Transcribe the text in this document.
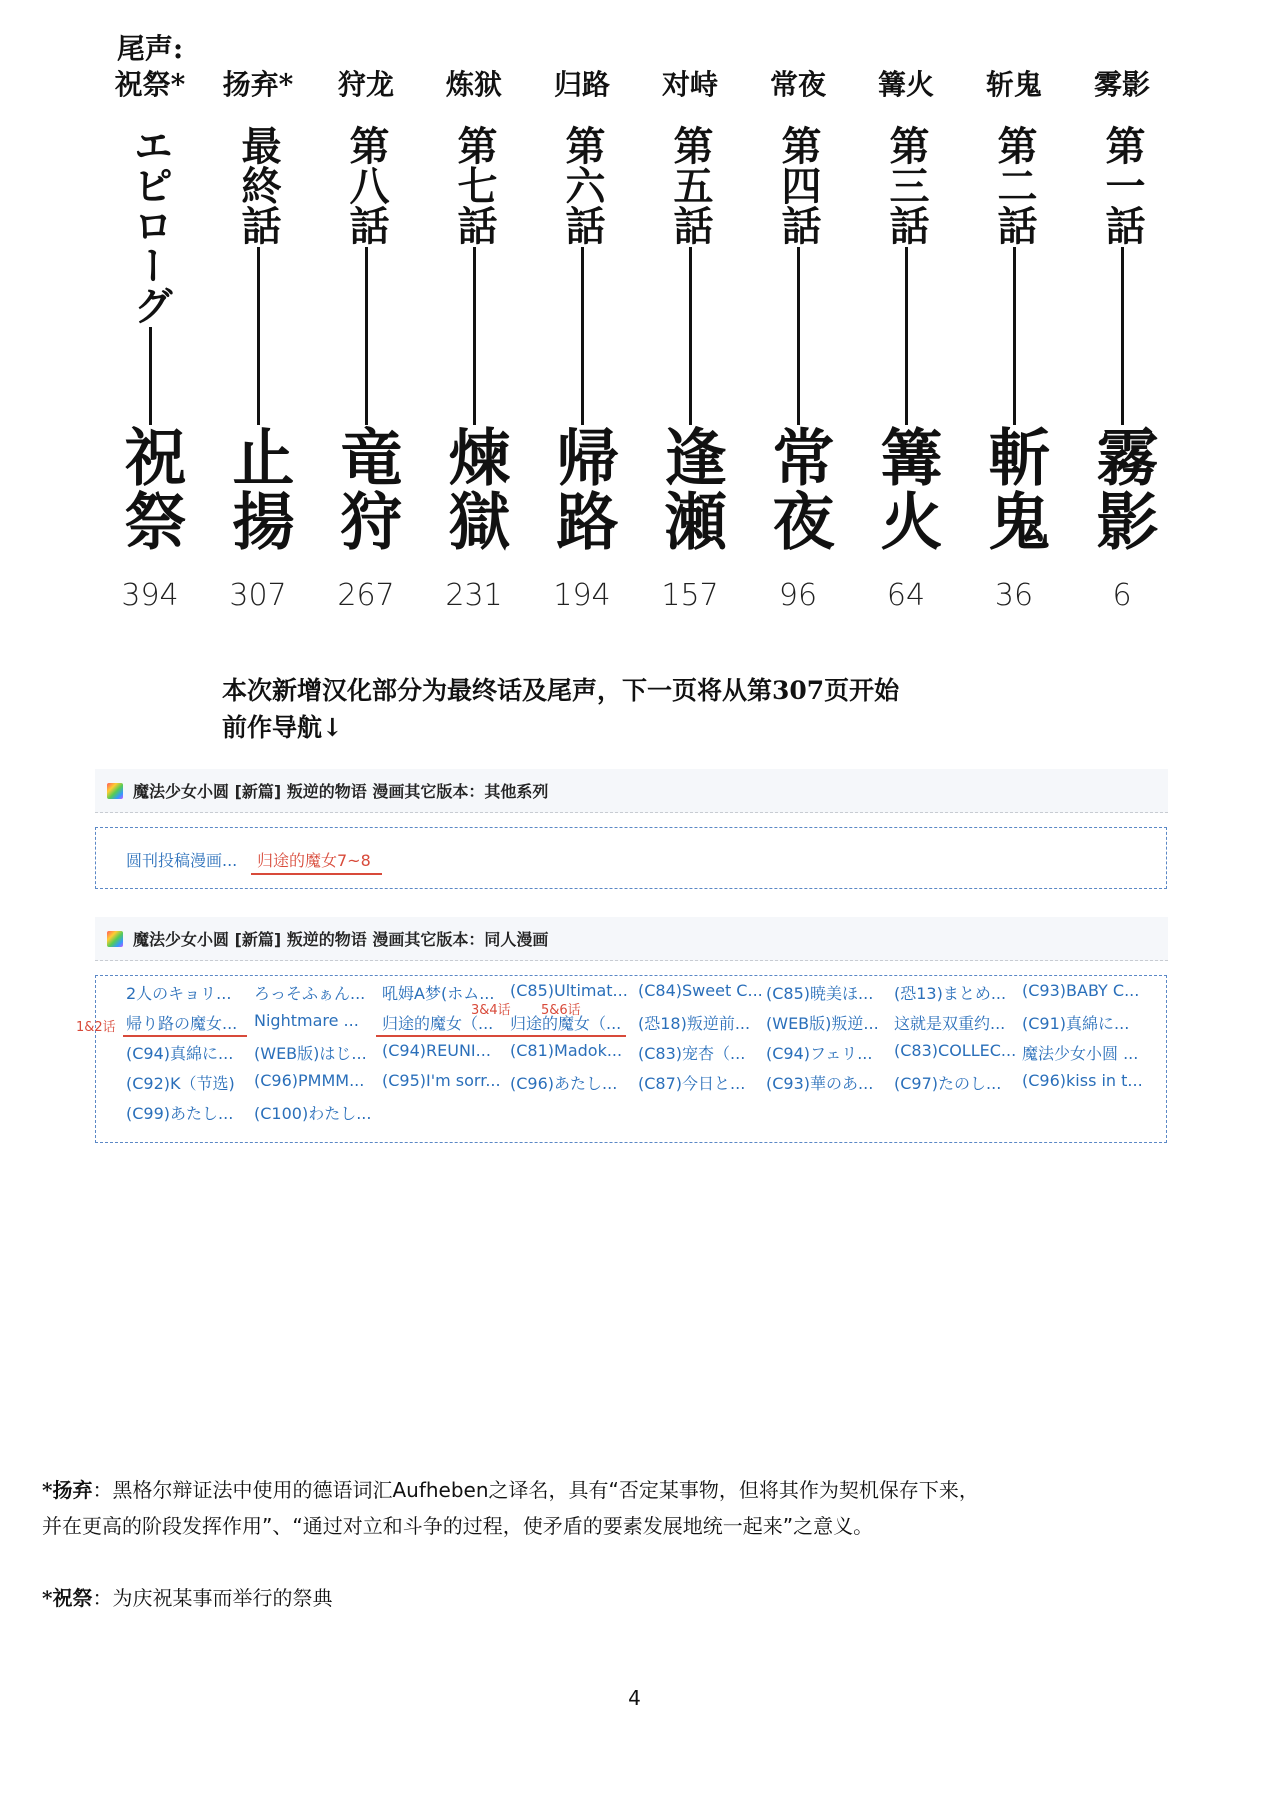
尾声:
祝祭*
エピローグ
祝祭
394
扬弃*
最終話
止揚
307
狩龙
第八話
竜狩
267
炼狱
第七話
煉獄
231
归路
第六話
帰路
194
对峙
第五話
逢瀬
157
常夜
第四話
常夜
96
篝火
第三話
篝火
64
斩鬼
第二話
斬鬼
36
雾影
第一話
霧影
6
本次新增汉化部分为最终话及尾声，下一页将从第307页开始
前作导航↓
魔法少女小圆 [新篇] 叛逆的物语 漫画其它版本：其他系列
圆刊投稿漫画... 归途的魔女7~8
魔法少女小圆 [新篇] 叛逆的物语 漫画其它版本：同人漫画
2人のキョリ... ろっそふぁん... 吼姆A梦(ホム... (C85)Ultimat... (C84)Sweet C... (C85)暁美ほ... (恐13)まとめ... (C93)BABY C...
帰り路の魔女... Nightmare ... 归途的魔女（... 归途的魔女（... (恐18)叛逆前... (WEB版)叛逆... 这就是双重约... (C91)真綿に...
(C94)真綿に... (WEB版)はじ... (C94)REUNI... (C81)Madok... (C83)宠杏（... (C94)フェリ... (C83)COLLEC... 魔法少女小圆 ...
(C92)K（节选) (C96)PMMM... (C95)I'm sorr... (C96)あたし... (C87)今日と... (C93)華のあ... (C97)たのし... (C96)kiss in t...
(C99)あたし... (C100)わたし...
3&4话 5&6话
1&2话
*扬弃：黑格尔辩证法中使用的德语词汇Aufheben之译名，具有“否定某事物，但将其作为契机保存下来，
并在更高的阶段发挥作用”、“通过对立和斗争的过程，使矛盾的要素发展地统一起来”之意义。
*祝祭：为庆祝某事而举行的祭典
4
